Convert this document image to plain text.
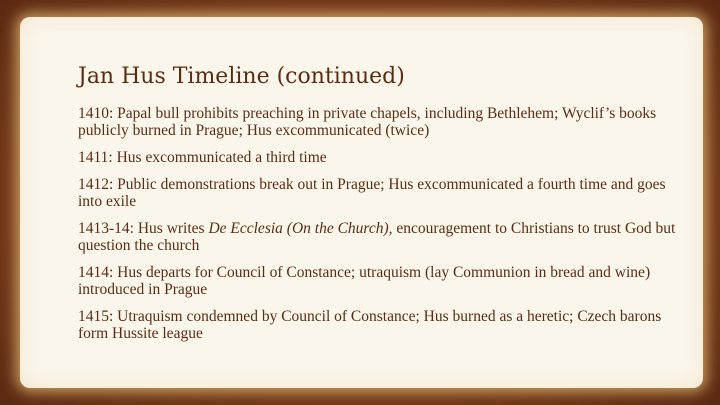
Jan Hus Timeline (continued)
1410: Papal bull prohibits preaching in private chapels, including Bethlehem; Wyclif’s books publicly burned in Prague; Hus excommunicated (twice)
1411: Hus excommunicated a third time
1412: Public demonstrations break out in Prague; Hus excommunicated a fourth time and goes into exile
1413-14: Hus writes De Ecclesia (On the Church), encouragement to Christians to trust God but question the church
1414: Hus departs for Council of Constance; utraquism (lay Communion in bread and wine) introduced in Prague
1415: Utraquism condemned by Council of Constance; Hus burned as a heretic; Czech barons form Hussite league
